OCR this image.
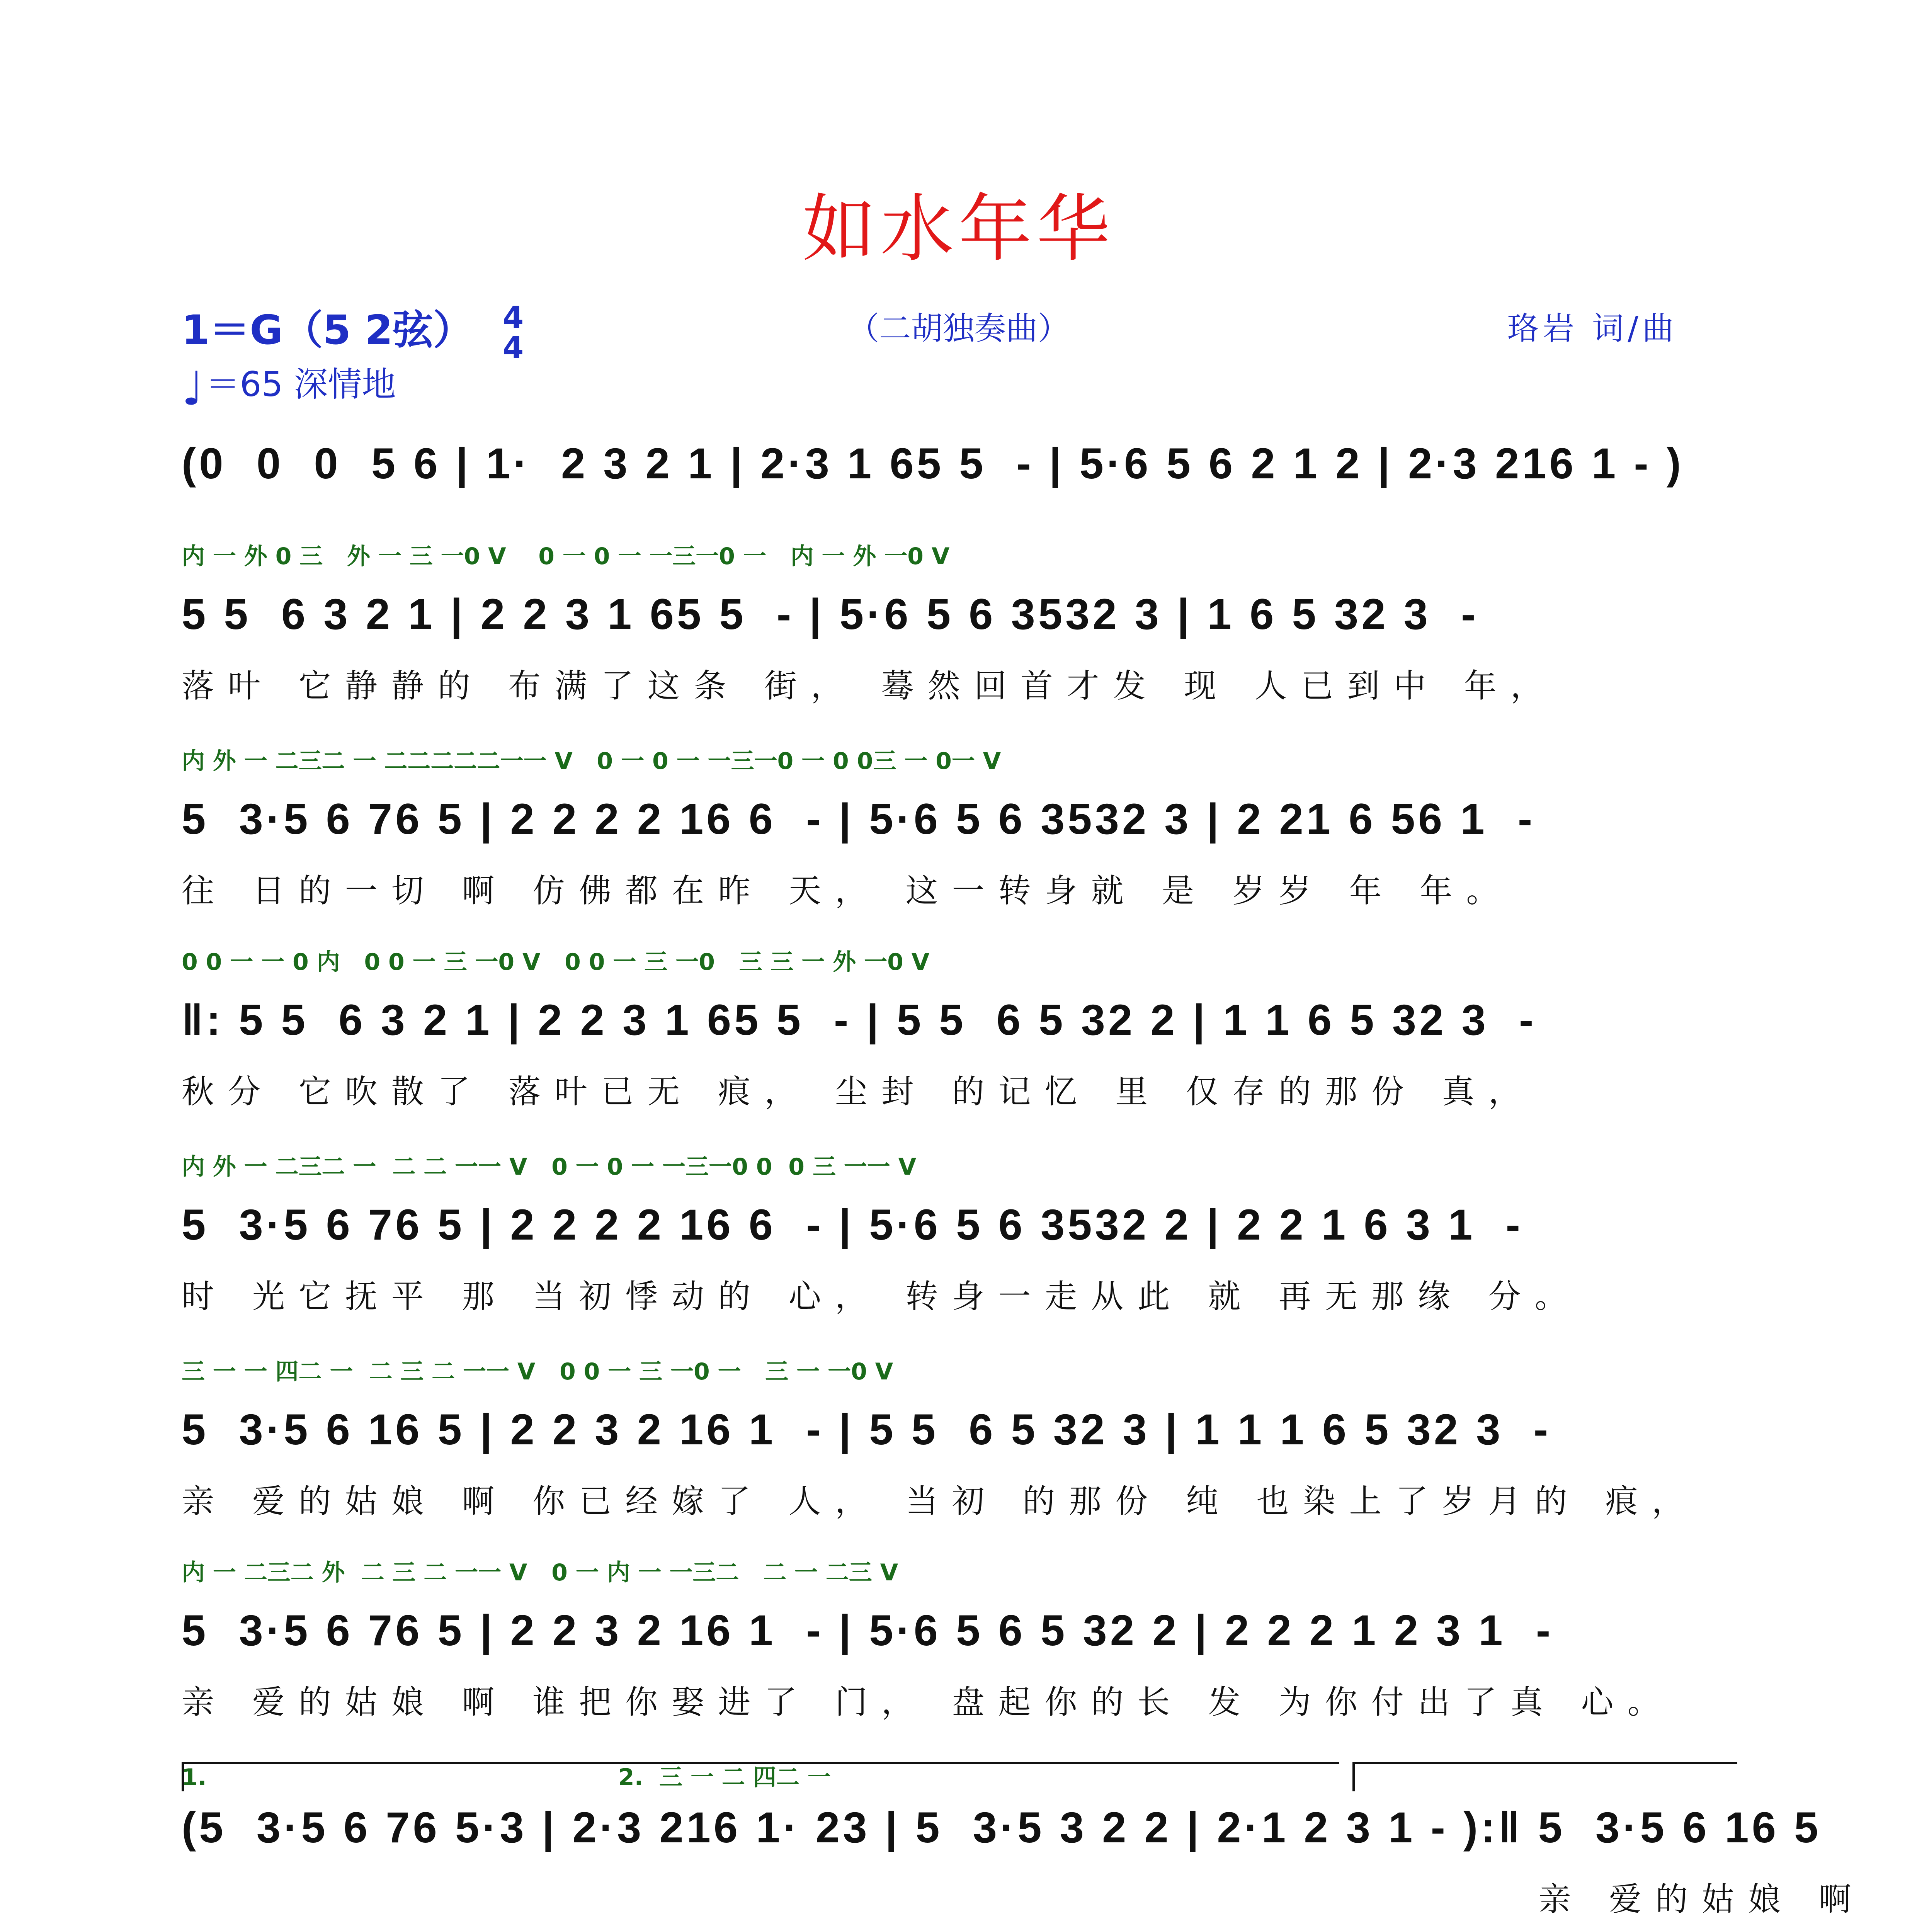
如水年华
1＝G（5 2弦） 4
4
♩＝65 深情地
（二胡独奏曲）	珞岩 词/曲
(0  0  0  5 6 | 1·  2 3 2 1 | 2·3 1 65 5  - | 5·6 5 6 2 1 2 | 2·3 216 1 - )
内 一 外 0 三   外 一 三 一0 V    0 一 0 一 一三一0 一   内 一 外 一0 V
5 5  6 3 2 1 | 2 2 3 1 65 5  - | 5·6 5 6 3532 3 | 1 6 5 32 3  -
落叶 它静静的 布满了这条 街， 蓦然回首才发 现 人已到中 年，
内 外 一 二三二 一 二二二二二一一 V   0 一 0 一 一三一0 一 0 0三 一 0一 V
5  3·5 6 76 5 | 2 2 2 2 16 6  - | 5·6 5 6 3532 3 | 2 21 6 56 1  -
往 日的一切 啊 仿佛都在昨 天， 这一转身就 是 岁岁 年 年。
0 0 一 一 0 内   0 0 一 三 一0 V   0 0 一 三 一0   三 三 一 外 一0 V
‖: 5 5  6 3 2 1 | 2 2 3 1 65 5  - | 5 5  6 5 32 2 | 1 1 6 5 32 3  -
秋分 它吹散了 落叶已无 痕， 尘封 的记忆 里 仅存的那份 真，
内 外 一 二三二 一  二 二 一一 V   0 一 0 一 一三一0 0  0 三 一一 V
5  3·5 6 76 5 | 2 2 2 2 16 6  - | 5·6 5 6 3532 2 | 2 2 1 6 3 1  -
时 光它抚平 那 当初悸动的 心， 转身一走从此 就 再无那缘 分。
三 一 一 四二 一  二 三 二 一一 V   0 0 一 三 一0 一   三 一 一0 V
5  3·5 6 16 5 | 2 2 3 2 16 1  - | 5 5  6 5 32 3 | 1 1 1 6 5 32 3  -
亲 爱的姑娘 啊 你已经嫁了 人， 当初 的那份 纯 也染上了岁月的 痕，
内 一 二三二 外  二 三 二 一一 V   0 一 内 一 一三二   二 一 二三 V
5  3·5 6 76 5 | 2 2 3 2 16 1  - | 5·6 5 6 5 32 2 | 2 2 2 1 2 3 1  -
亲 爱的姑娘 啊 谁把你娶进了 门， 盘起你的长 发 为你付出了真 心。
1.                                                   2.  三 一 二 四二 一
(5  3·5 6 76 5·3 | 2·3 216 1· 23 | 5  3·5 3 2 2 | 2·1 2 3 1 - ):‖ 5  3·5 6 16 5
亲 爱的姑娘 啊
